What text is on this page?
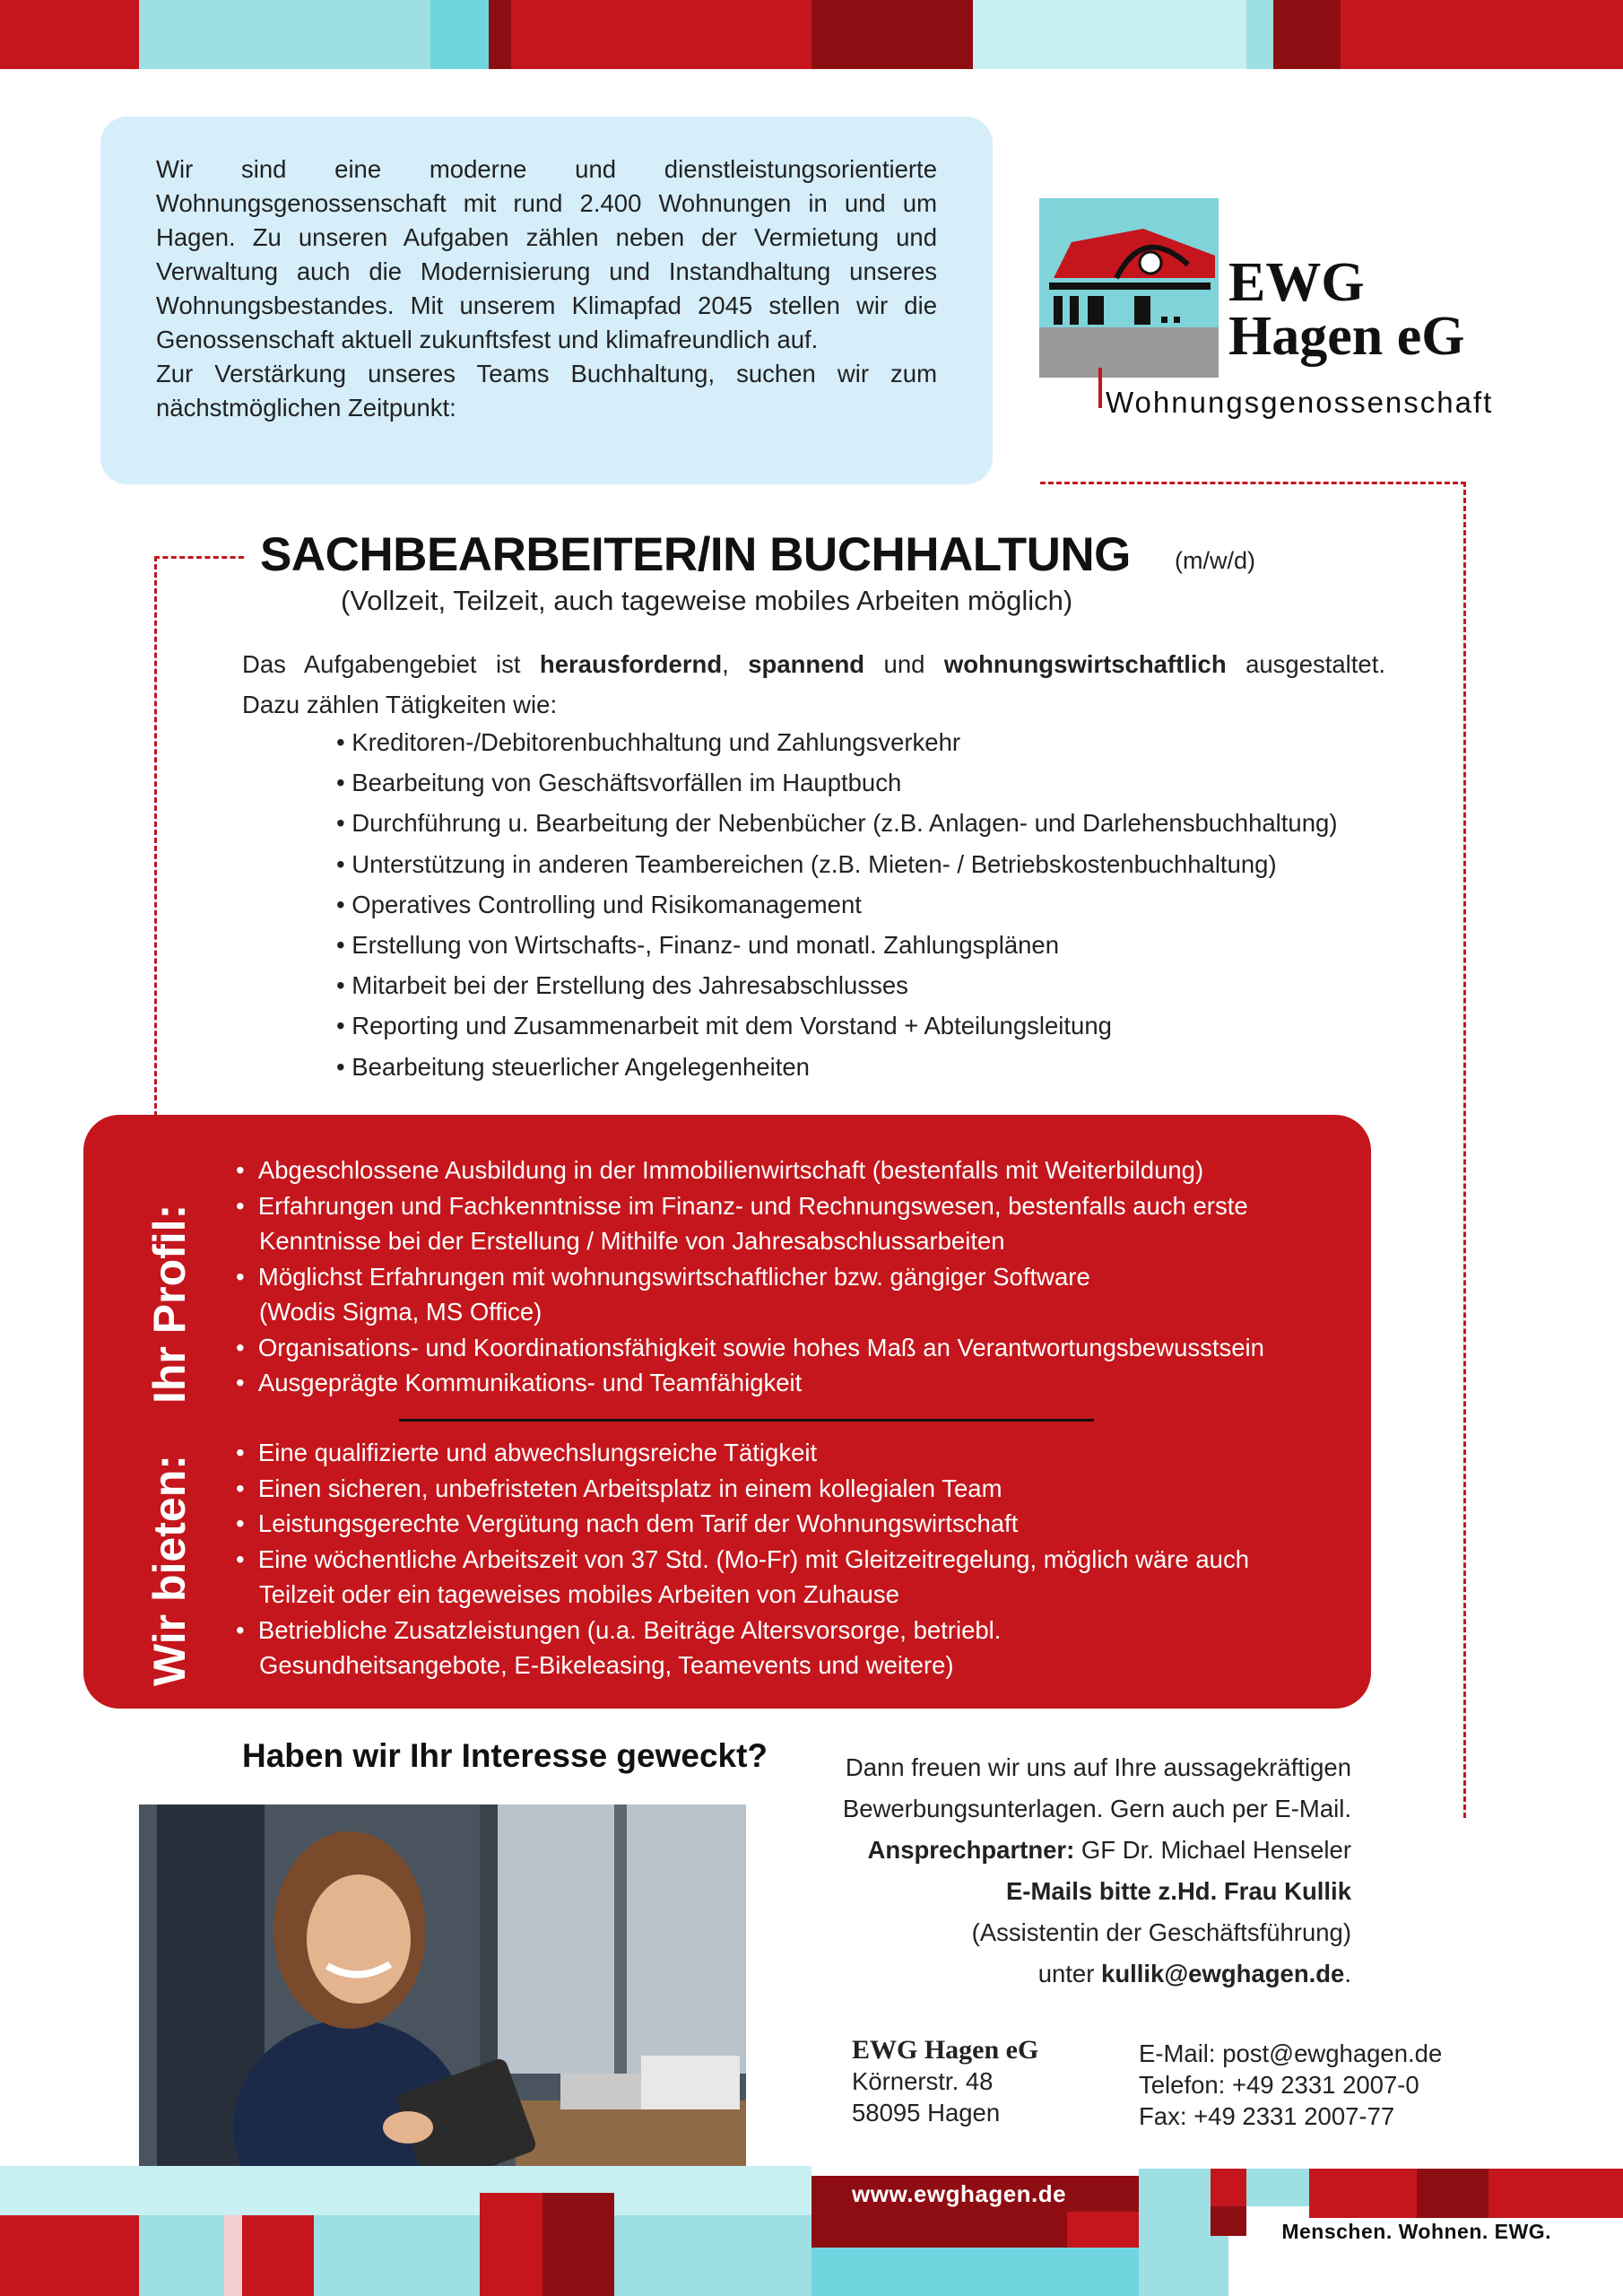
Wir sind eine moderne und dienstleistungsorientierte Wohnungsgenossenschaft mit rund 2.400 Wohnungen in und um Hagen. Zu unseren Aufgaben zählen neben der Vermietung und Verwaltung auch die Modernisierung und Instandhaltung unseres Wohnungsbestandes. Mit unserem Klimapfad 2045 stellen wir die Genossenschaft aktuell zukunftsfest und klimafreundlich auf.

Zur Verstärkung unseres Teams Buchhaltung, suchen wir zum nächstmöglichen Zeitpunkt:

EWG
Hagen eG
Wohnungsgenossenschaft
SACHBEARBEITER/IN BUCHHALTUNG (m/w/d)
(Vollzeit, Teilzeit, auch tageweise mobiles Arbeiten möglich)
Das Aufgabengebiet ist herausfordernd, spannend und wohnungswirtschaftlich ausgestaltet.
Dazu zählen Tätigkeiten wie:
• Kreditoren-/Debitorenbuchhaltung und Zahlungsverkehr
• Bearbeitung von Geschäftsvorfällen im Hauptbuch
• Durchführung u. Bearbeitung der Nebenbücher (z.B. Anlagen- und Darlehensbuchhaltung)
• Unterstützung in anderen Teambereichen (z.B. Mieten- / Betriebskostenbuchhaltung)
• Operatives Controlling und Risikomanagement
• Erstellung von Wirtschafts-, Finanz- und monatl. Zahlungsplänen
• Mitarbeit bei der Erstellung des Jahresabschlusses
• Reporting und Zusammenarbeit mit dem Vorstand + Abteilungsleitung
• Bearbeitung steuerlicher Angelegenheiten
Ihr Profil:
Wir bieten:
•  Abgeschlossene Ausbildung in der Immobilienwirtschaft (bestenfalls mit Weiterbildung)
•  Erfahrungen und Fachkenntnisse im Finanz- und Rechnungswesen, bestenfalls auch erste Kenntnisse bei der Erstellung / Mithilfe von Jahresabschlussarbeiten
•  Möglichst Erfahrungen mit wohnungswirtschaftlicher bzw. gängiger Software (Wodis Sigma, MS Office)
•  Organisations- und Koordinationsfähigkeit sowie hohes Maß an Verantwortungsbewusstsein
•  Ausgeprägte Kommunikations- und Teamfähigkeit
•  Eine qualifizierte und abwechslungsreiche Tätigkeit
•  Einen sicheren, unbefristeten Arbeitsplatz in einem kollegialen Team
•  Leistungsgerechte Vergütung nach dem Tarif der Wohnungswirtschaft
•  Eine wöchentliche Arbeitszeit von 37 Std. (Mo-Fr) mit Gleitzeitregelung, möglich wäre auch Teilzeit oder ein tageweises mobiles Arbeiten von Zuhause
•  Betriebliche Zusatzleistungen (u.a. Beiträge Altersvorsorge, betriebl. Gesundheitsangebote, E-Bikeleasing, Teamevents und weitere)
Haben wir Ihr Interesse geweckt?	Dann freuen wir uns auf Ihre aussagekräftigen
Bewerbungsunterlagen. Gern auch per E-Mail.
Ansprechpartner: GF Dr. Michael Henseler
E-Mails bitte z.Hd. Frau Kullik
(Assistentin der Geschäftsführung)
unter kullik@ewghagen.de.
EWG Hagen eG
Körnerstr. 48
58095 Hagen
E-Mail: post@ewghagen.de
Telefon: +49 2331 2007-0
Fax: +49 2331 2007-77
www.ewghagen.de
Menschen. Wohnen. EWG.
